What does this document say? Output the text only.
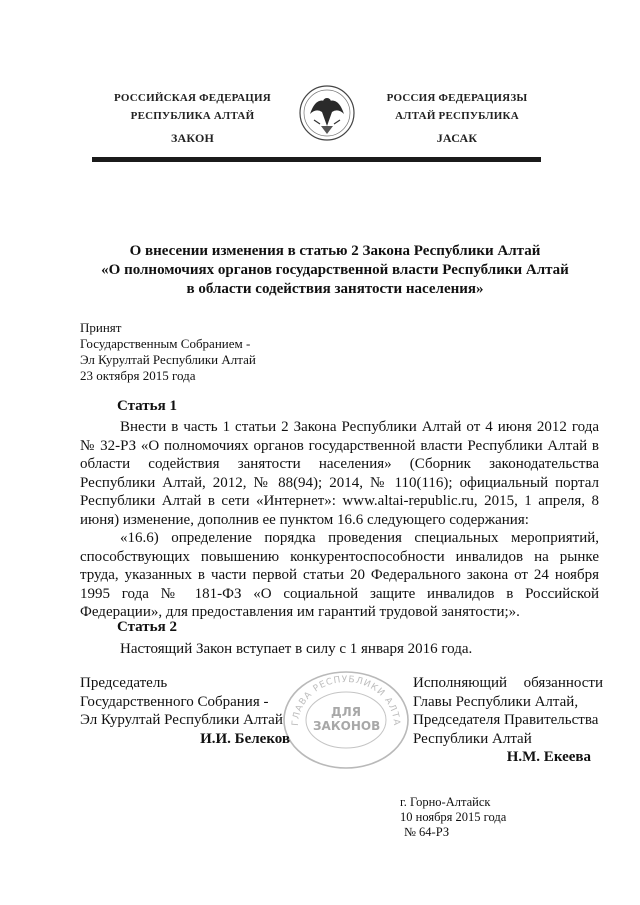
РОССИЙСКАЯ ФЕДЕРАЦИЯ
РЕСПУБЛИКА АЛТАЙ
ЗАКОН
РОССИЯ ФЕДЕРАЦИЯЗЫ
АЛТАЙ РЕСПУБЛИКА
JАСАК
О внесении изменения в статью 2 Закона Республики Алтай
«О полномочиях органов государственной власти Республики Алтай
в области содействия занятости населения»
Принят
Государственным Собранием -
Эл Курултай Республики Алтай
23 октября 2015 года
Статья 1

Внести в часть 1 статьи 2 Закона Республики Алтай от 4 июня 2012 года № 32-РЗ «О полномочиях органов государственной власти Республики Алтай в области содействия занятости населения» (Сборник законодательства Республики Алтай, 2012, № 88(94); 2014, № 110(116); официальный портал Республики Алтай в сети «Интернет»: www.altai-republic.ru, 2015, 1 апреля, 8 июня) изменение, дополнив ее пунктом 16.6 следующего содержания:

«16.6) определение порядка проведения специальных мероприятий, способствующих повышению конкурентоспособности инвалидов на рынке труда, указанных в части первой статьи 20 Федерального закона от 24 ноября 1995 года № 181-ФЗ «О социальной защите инвалидов в Российской Федерации», для предоставления им гарантий трудовой занятости;».

Статья 2

Настоящий Закон вступает в силу с 1 января 2016 года.

ГЛАВА РЕСПУБЛИКИ АЛТА
ДЛЯ
ЗАКОНОВ
Председатель
Государственного Собрания -
Эл Курултай Республики Алтай
И.И. Белеков
Исполняющий обязанности
Главы Республики Алтай,
Председателя Правительства
Республики Алтай
Н.М. Екеева
г. Горно-Алтайск
10 ноября 2015 года
№ 64-РЗ
